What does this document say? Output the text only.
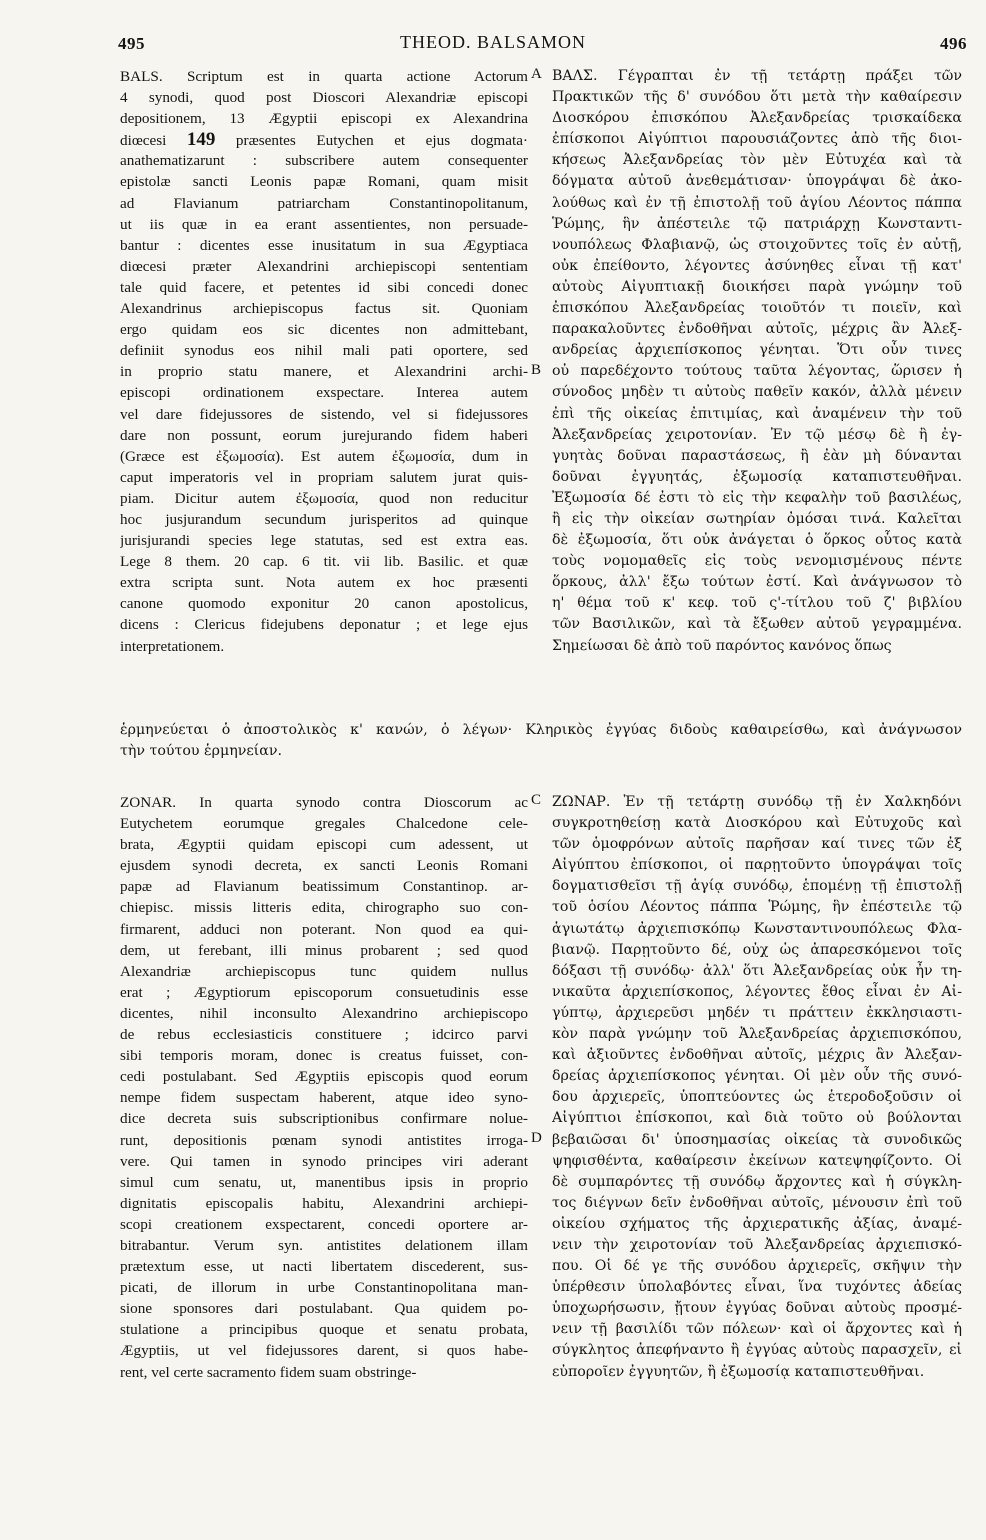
495	THEOD. BALSAMON	496
BALS. Scriptum est in quarta actione Actorum
4 synodi, quod post Dioscori Alexandriæ episcopi
depositionem, 13 Ægyptii episcopi ex Alexandrina
diœcesi 149 præsentes Eutychen et ejus dogmata·
anathematizarunt : subscribere autem consequenter
epistolæ sancti Leonis papæ Romani, quam misit
ad Flavianum patriarcham Constantinopolitanum,
ut iis quæ in ea erant assentientes, non persuade-
bantur : dicentes esse inusitatum in sua Ægyptiaca
diœcesi præter Alexandrini archiepiscopi sententiam
tale quid facere, et petentes id sibi concedi donec
Alexandrinus archiepiscopus factus sit. Quoniam
ergo quidam eos sic dicentes non admittebant,
definiit synodus eos nihil mali pati oportere, sed
in proprio statu manere, et Alexandrini archi-
episcopi ordinationem exspectare. Interea autem
vel dare fidejussores de sistendo, vel si fidejussores
dare non possunt, eorum jurejurando fidem haberi
(Græce est ἐξωμοσία). Est autem ἐξωμοσία, dum in
caput imperatoris vel in propriam salutem jurat quis-
piam. Dicitur autem ἐξωμοσία, quod non reducitur
hoc jusjurandum secundum jurisperitos ad quinque
jurisjurandi species lege statutas, sed est extra eas.
Lege 8 them. 20 cap. 6 tit. vii lib. Basilic. et quæ
extra scripta sunt. Nota autem ex hoc præsenti
canone quomodo exponitur 20 canon apostolicus,
dicens : Clericus fidejubens deponatur ; et lege ejus
interpretationem.
ΒΑΛΣ. Γέγραπται ἐν τῇ τετάρτῃ πράξει τῶν
Πρακτικῶν τῆς δ' συνόδου ὅτι μετὰ τὴν καθαίρεσιν
Διοσκόρου ἐπισκόπου Ἀλεξανδρείας τρισκαίδεκα
ἐπίσκοποι Αἰγύπτιοι παρουσιάζοντες ἀπὸ τῆς διοι-
κήσεως Ἀλεξανδρείας τὸν μὲν Εὐτυχέα καὶ τὰ
δόγματα αὐτοῦ ἀνεθεμάτισαν· ὑπογράψαι δὲ ἀκο-
λούθως καὶ ἐν τῇ ἐπιστολῇ τοῦ ἁγίου Λέοντος πάππα
Ῥώμης, ἣν ἀπέστειλε τῷ πατριάρχῃ Κωνσταντι-
νουπόλεως Φλαβιανῷ, ὡς στοιχοῦντες τοῖς ἐν αὐτῇ,
οὐκ ἐπείθοντο, λέγοντες ἀσύνηθες εἶναι τῇ κατ'
αὐτοὺς Αἰγυπτιακῇ διοικήσει παρὰ γνώμην τοῦ
ἐπισκόπου Ἀλεξανδρείας τοιοῦτόν τι ποιεῖν, καὶ
παρακαλοῦντες ἐνδοθῆναι αὐτοῖς, μέχρις ἂν Ἀλεξ-
ανδρείας ἀρχιεπίσκοπος γένηται. Ὅτι οὖν τινες
οὐ παρεδέχοντο τούτους ταῦτα λέγοντας, ὥρισεν ἡ
σύνοδος μηδὲν τι αὐτοὺς παθεῖν κακόν, ἀλλὰ μένειν
ἐπὶ τῆς οἰκείας ἐπιτιμίας, καὶ ἀναμένειν τὴν τοῦ
Ἀλεξανδρείας χειροτονίαν. Ἐν τῷ μέσῳ δὲ ἢ ἐγ-
γυητὰς δοῦναι παραστάσεως, ἢ ἐὰν μὴ δύνανται
δοῦναι ἐγγυητάς, ἐξωμοσίᾳ καταπιστευθῆναι.
Ἐξωμοσία δέ ἐστι τὸ εἰς τὴν κεφαλὴν τοῦ βασιλέως,
ἢ εἰς τὴν οἰκείαν σωτηρίαν ὀμόσαι τινά. Καλεῖται
δὲ ἐξωμοσία, ὅτι οὐκ ἀνάγεται ὁ ὅρκος οὗτος κατὰ
τοὺς νομομαθεῖς εἰς τοὺς νενομισμένους πέντε
ὅρκους, ἀλλ' ἔξω τούτων ἐστί. Καὶ ἀνάγνωσον τὸ
η' θέμα τοῦ κ' κεφ. τοῦ ς'-τίτλου τοῦ ζ' βιβλίου
τῶν Βασιλικῶν, καὶ τὰ ἔξωθεν αὐτοῦ γεγραμμένα.
Σημείωσαι δὲ ἀπὸ τοῦ παρόντος κανόνος ὅπως
ἑρμηνεύεται ὁ ἀποστολικὸς κ' κανών, ὁ λέγων· Κληρικὸς ἐγγύας διδοὺς καθαιρείσθω, καὶ ἀνάγνωσον
τὴν τούτου ἑρμηνείαν.
A
B
C
D
ZONAR. In quarta synodo contra Dioscorum ac
Eutychetem eorumque gregales Chalcedone cele-
brata, Ægyptii quidam episcopi cum adessent, ut
ejusdem synodi decreta, ex sancti Leonis Romani
papæ ad Flavianum beatissimum Constantinop. ar-
chiepisc. missis litteris edita, chirographo suo con-
firmarent, adduci non poterant. Non quod ea qui-
dem, ut ferebant, illi minus probarent ; sed quod
Alexandriæ archiepiscopus tunc quidem nullus
erat ; Ægyptiorum episcoporum consuetudinis esse
dicentes, nihil inconsulto Alexandrino archiepiscopo
de rebus ecclesiasticis constituere ; idcirco parvi
sibi temporis moram, donec is creatus fuisset, con-
cedi postulabant. Sed Ægyptiis episcopis quod eorum
nempe fidem suspectam haberent, atque ideo syno-
dice decreta suis subscriptionibus confirmare nolue-
runt, depositionis pœnam synodi antistites irroga-
vere. Qui tamen in synodo principes viri aderant
simul cum senatu, ut, manentibus ipsis in proprio
dignitatis episcopalis habitu, Alexandrini archiepi-
scopi creationem exspectarent, concedi oportere ar-
bitrabantur. Verum syn. antistites delationem illam
prætextum esse, ut nacti libertatem discederent, sus-
picati, de illorum in urbe Constantinopolitana man-
sione sponsores dari postulabant. Qua quidem po-
stulatione a principibus quoque et senatu probata,
Ægyptiis, ut vel fidejussores darent, si quos habe-
rent, vel certe sacramento fidem suam obstringe-
ΖΩΝΑΡ. Ἐν τῇ τετάρτῃ συνόδῳ τῇ ἐν Χαλκηδόνι
συγκροτηθείσῃ κατὰ Διοσκόρου καὶ Εὐτυχοῦς καὶ
τῶν ὁμοφρόνων αὐτοῖς παρῆσαν καί τινες τῶν ἐξ
Αἰγύπτου ἐπίσκοποι, οἱ παρῃτοῦντο ὑπογράψαι τοῖς
δογματισθεῖσι τῇ ἁγίᾳ συνόδῳ, ἑπομένῃ τῇ ἐπιστολῇ
τοῦ ὁσίου Λέοντος πάππα Ῥώμης, ἣν ἐπέστειλε τῷ
ἁγιωτάτῳ ἀρχιεπισκόπῳ Κωνσταντινουπόλεως Φλα-
βιανῷ. Παρῃτοῦντο δέ, οὐχ ὡς ἀπαρεσκόμενοι τοῖς
δόξασι τῇ συνόδῳ· ἀλλ' ὅτι Ἀλεξανδρείας οὐκ ἦν τη-
νικαῦτα ἀρχιεπίσκοπος, λέγοντες ἔθος εἶναι ἐν Αἰ-
γύπτῳ, ἀρχιερεῦσι μηδέν τι πράττειν ἐκκλησιαστι-
κὸν παρὰ γνώμην τοῦ Ἀλεξανδρείας ἀρχιεπισκόπου,
καὶ ἀξιοῦντες ἐνδοθῆναι αὐτοῖς, μέχρις ἂν Ἀλεξαν-
δρείας ἀρχιεπίσκοπος γένηται. Οἱ μὲν οὖν τῆς συνό-
δου ἀρχιερεῖς, ὑποπτεύοντες ὡς ἑτεροδοξοῦσιν οἱ
Αἰγύπτιοι ἐπίσκοποι, καὶ διὰ τοῦτο οὐ βούλονται
βεβαιῶσαι δι' ὑποσημασίας οἰκείας τὰ συνοδικῶς
ψηφισθέντα, καθαίρεσιν ἐκείνων κατεψηφίζοντο. Οἱ
δὲ συμπαρόντες τῇ συνόδῳ ἄρχοντες καὶ ἡ σύγκλη-
τος διέγνων δεῖν ἐνδοθῆναι αὐτοῖς, μένουσιν ἐπὶ τοῦ
οἰκείου σχήματος τῆς ἀρχιερατικῆς ἀξίας, ἀναμέ-
νειν τὴν χειροτονίαν τοῦ Ἀλεξανδρείας ἀρχιεπισκό-
που. Οἱ δέ γε τῆς συνόδου ἀρχιερεῖς, σκῆψιν τὴν
ὑπέρθεσιν ὑπολαβόντες εἶναι, ἵνα τυχόντες ἀδείας
ὑποχωρήσωσιν, ᾔτουν ἐγγύας δοῦναι αὐτοὺς προσμέ-
νειν τῇ βασιλίδι τῶν πόλεων· καὶ οἱ ἄρχοντες καὶ ἡ
σύγκλητος ἀπεφήναντο ἢ ἐγγύας αὐτοὺς παρασχεῖν, εἰ
εὐποροῖεν ἐγγυητῶν, ἢ ἐξωμοσίᾳ καταπιστευθῆναι.
